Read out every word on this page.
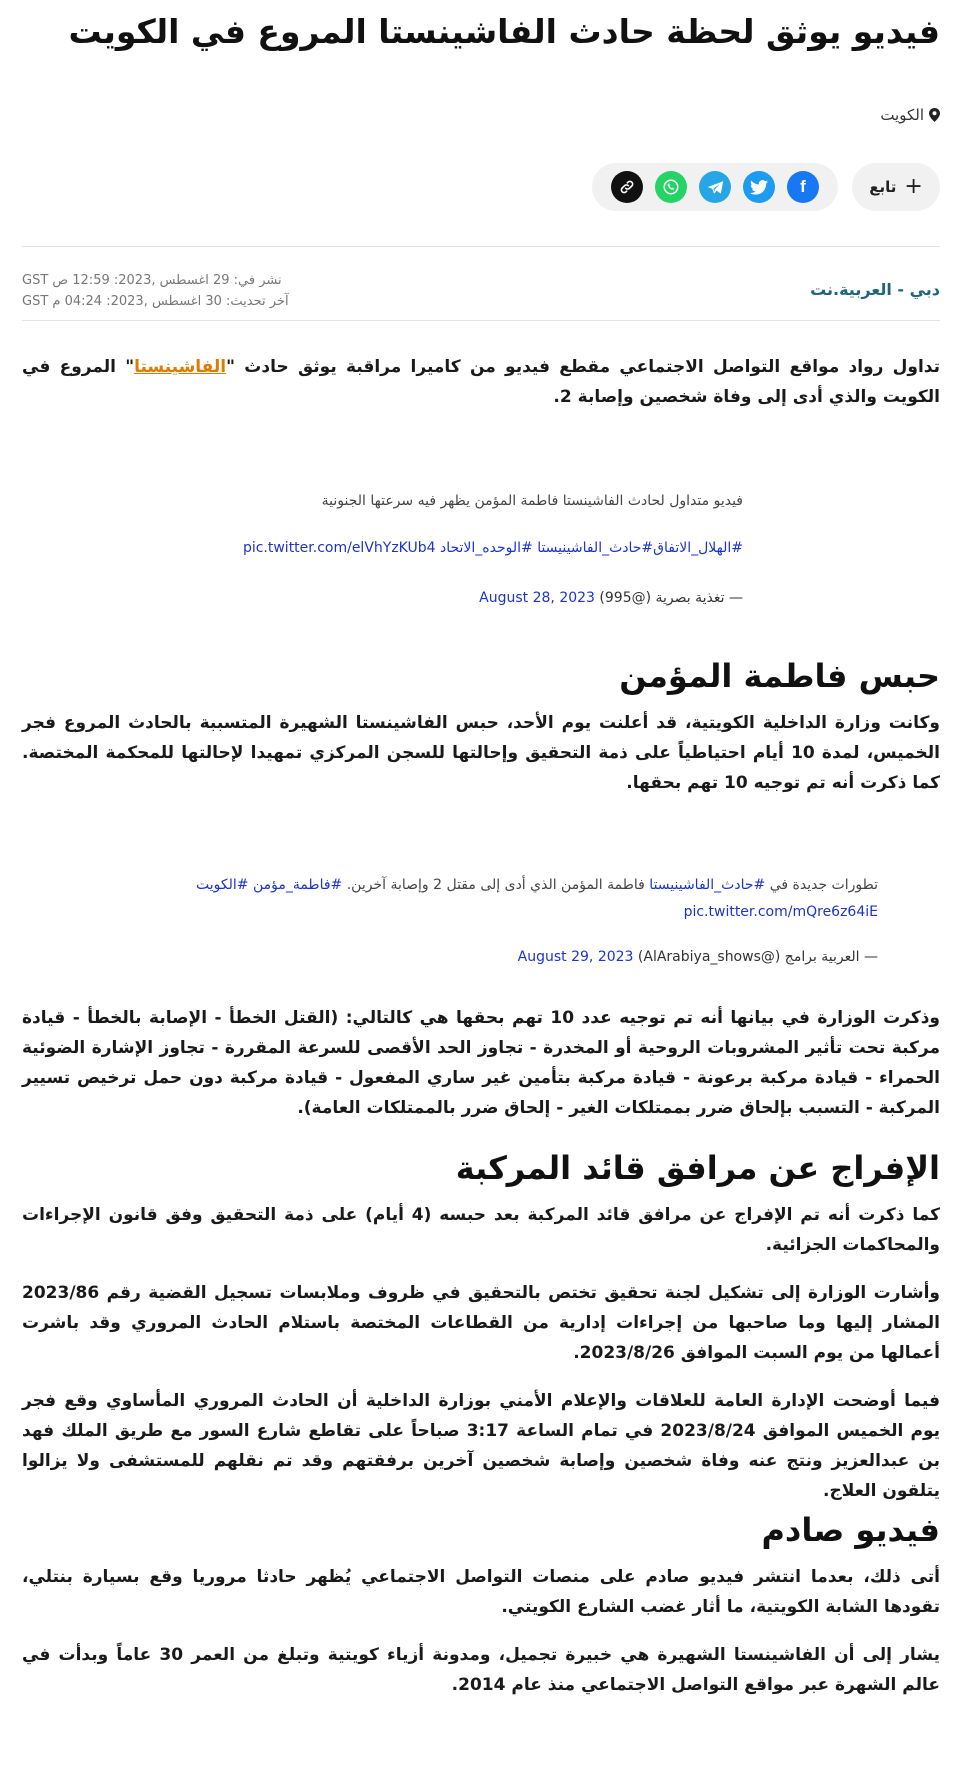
فيديو يوثق لحظة حادث الفاشينستا المروع في الكويت
الكويت
+
تابع
f
دبي - العربية.نت
نشر في: 29 اغسطس ,2023: 12:59 ص GST
آخر تحديث: 30 اغسطس ,2023: 04:24 م GST

تداول رواد مواقع التواصل الاجتماعي مقطع فيديو من كاميرا مراقبة يوثق حادث "الفاشينستا" المروع في الكويت والذي أدى إلى وفاة شخصين وإصابة 2.

فيديو متداول لحادث الفاشينستا فاطمة المؤمن يظهر فيه سرعتها الجنونية
#الهلال_الاتفاق#حادث_الفاشينيستا #الوحده_الاتحاد pic.twitter.com/elVhYzKUb4
— تغذية بصرية (@995) August 28, 2023
حبس فاطمة المؤمن

وكانت وزارة الداخلية الكويتية، قد أعلنت يوم الأحد، حبس الفاشينستا الشهيرة المتسببة بالحادث المروع فجر الخميس، لمدة 10 أيام احتياطياً على ذمة التحقيق وإحالتها للسجن المركزي تمهيدا لإحالتها للمحكمة المختصة. كما ذكرت أنه تم توجيه 10 تهم بحقها.

تطورات جديدة في #حادث_الفاشينيستا فاطمة المؤمن الذي أدى إلى مقتل 2 وإصابة آخرين. #فاطمة_مؤمن #الكويت
pic.twitter.com/mQre6z64iE
— العربية برامج (@AlArabiya_shows) August 29, 2023

وذكرت الوزارة في بيانها أنه تم توجيه عدد 10 تهم بحقها هي كالتالي: (القتل الخطأ - الإصابة بالخطأ - قيادة مركبة تحت تأثير المشروبات الروحية أو المخدرة - تجاوز الحد الأقصى للسرعة المقررة - تجاوز الإشارة الضوئية الحمراء - قيادة مركبة برعونة - قيادة مركبة بتأمين غير ساري المفعول - قيادة مركبة دون حمل ترخيص تسيير المركبة - التسبب بإلحاق ضرر بممتلكات الغير - إلحاق ضرر بالممتلكات العامة).

الإفراج عن مرافق قائد المركبة

كما ذكرت أنه تم الإفراج عن مرافق قائد المركبة بعد حبسه (4 أيام) على ذمة التحقيق وفق قانون الإجراءات والمحاكمات الجزائية.

وأشارت الوزارة إلى تشكيل لجنة تحقيق تختص بالتحقيق في ظروف وملابسات تسجيل القضية رقم 2023/86 المشار إليها وما صاحبها من إجراءات إدارية من القطاعات المختصة باستلام الحادث المروري وقد باشرت أعمالها من يوم السبت الموافق 2023/8/26.

فيما أوضحت الإدارة العامة للعلاقات والإعلام الأمني بوزارة الداخلية أن الحادث المروري المأساوي وقع فجر يوم الخميس الموافق 2023/8/24 في تمام الساعة 3:17 صباحاً على تقاطع شارع السور مع طريق الملك فهد بن عبدالعزيز ونتج عنه وفاة شخصين وإصابة شخصين آخرين برفقتهم وقد تم نقلهم للمستشفى ولا يزالوا يتلقون العلاج.

فيديو صادم

أتى ذلك، بعدما انتشر فيديو صادم على منصات التواصل الاجتماعي يُظهر حادثا مروريا وقع بسيارة بنتلي، تقودها الشابة الكويتية، ما أثار غضب الشارع الكويتي.

يشار إلى أن الفاشينستا الشهيرة هي خبيرة تجميل، ومدونة أزياء كويتية وتبلغ من العمر 30 عاماً وبدأت في عالم الشهرة عبر مواقع التواصل الاجتماعي منذ عام 2014.
